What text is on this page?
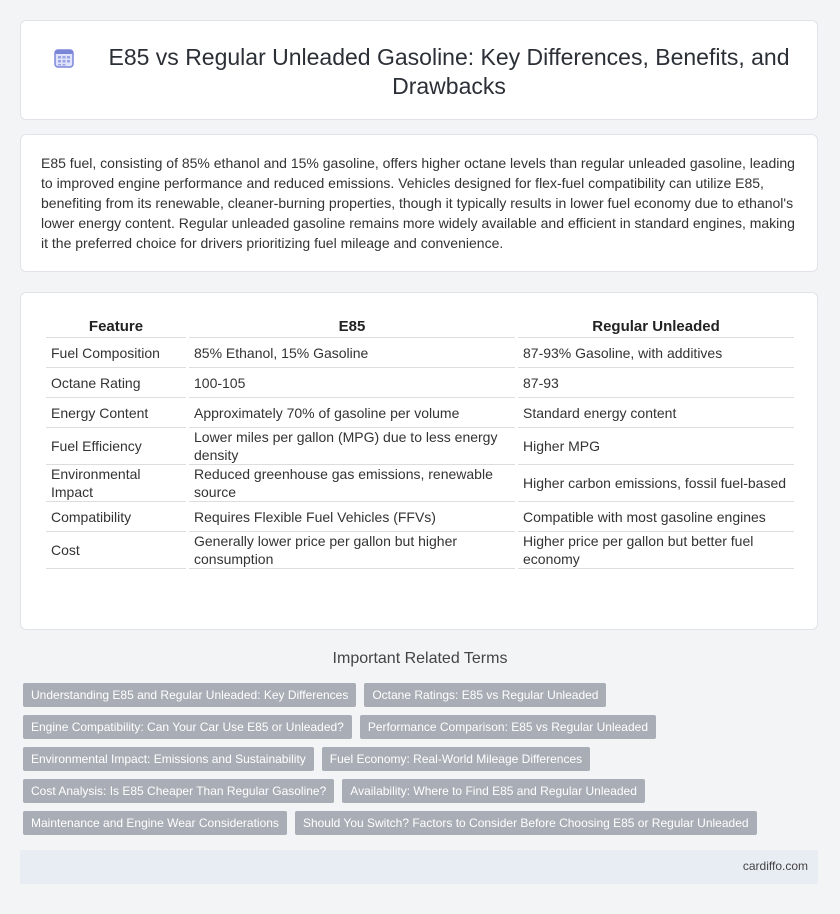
E85 vs Regular Unleaded Gasoline: Key Differences, Benefits, and Drawbacks

E85 fuel, consisting of 85% ethanol and 15% gasoline, offers higher octane levels than regular unleaded gasoline, leading to improved engine performance and reduced emissions. Vehicles designed for flex-fuel compatibility can utilize E85, benefiting from its renewable, cleaner-burning properties, though it typically results in lower fuel economy due to ethanol's lower energy content. Regular unleaded gasoline remains more widely available and efficient in standard engines, making it the preferred choice for drivers prioritizing fuel mileage and convenience.

Feature	E85	Regular Unleaded
Fuel Composition	85% Ethanol, 15% Gasoline	87-93% Gasoline, with additives
Octane Rating	100-105	87-93
Energy Content	Approximately 70% of gasoline per volume	Standard energy content
Fuel Efficiency	Lower miles per gallon (MPG) due to less energy density	Higher MPG
Environmental Impact	Reduced greenhouse gas emissions, renewable source	Higher carbon emissions, fossil fuel-based
Compatibility	Requires Flexible Fuel Vehicles (FFVs)	Compatible with most gasoline engines
Cost	Generally lower price per gallon but higher consumption	Higher price per gallon but better fuel economy
Important Related Terms
Understanding E85 and Regular Unleaded: Key Differences	Octane Ratings: E85 vs Regular Unleaded
Engine Compatibility: Can Your Car Use E85 or Unleaded?	Performance Comparison: E85 vs Regular Unleaded
Environmental Impact: Emissions and Sustainability	Fuel Economy: Real-World Mileage Differences
Cost Analysis: Is E85 Cheaper Than Regular Gasoline?	Availability: Where to Find E85 and Regular Unleaded
Maintenance and Engine Wear Considerations	Should You Switch? Factors to Consider Before Choosing E85 or Regular Unleaded
cardiffo.com
